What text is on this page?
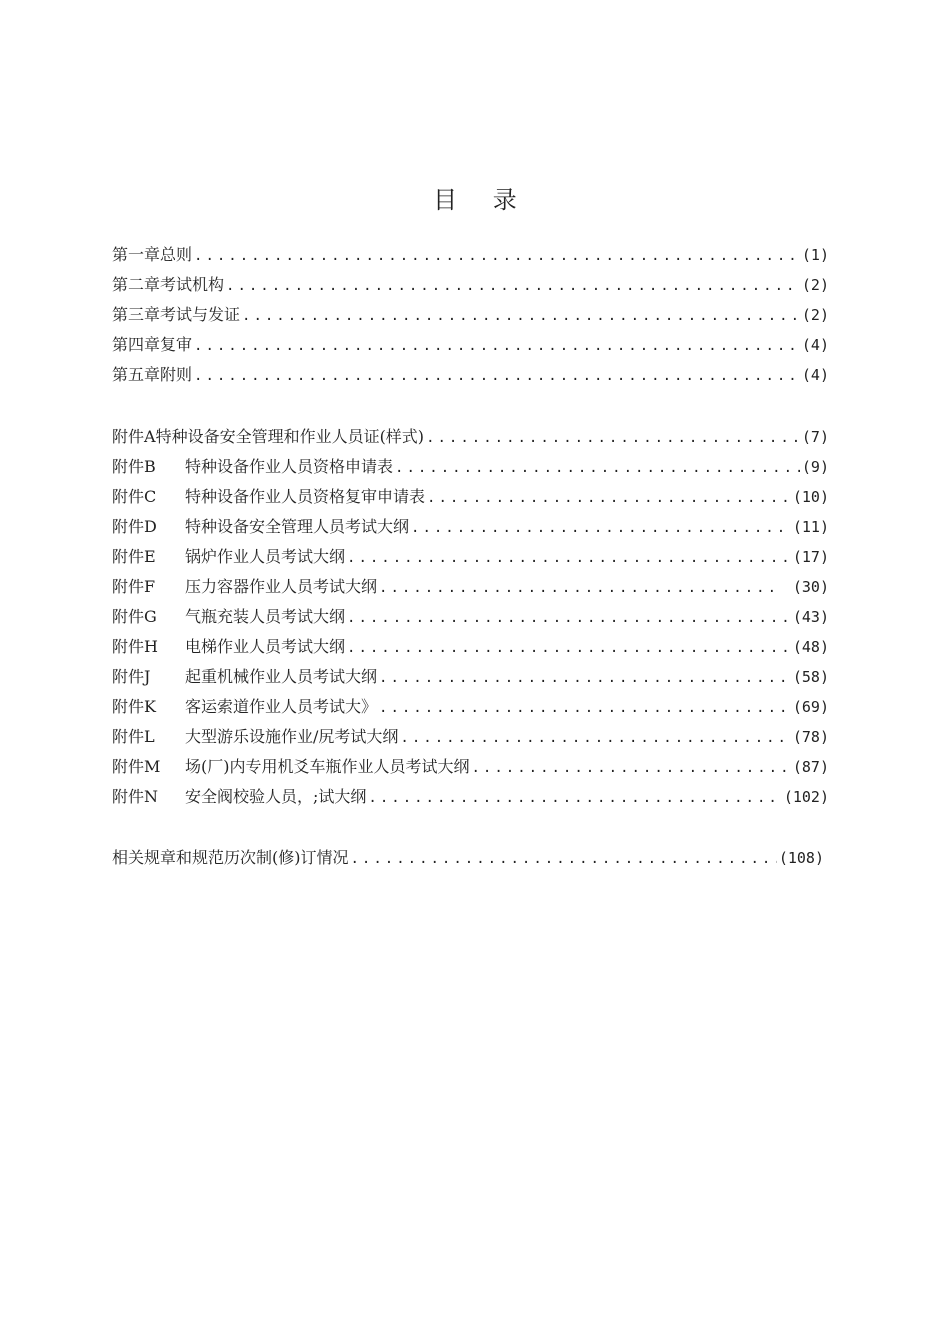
目 录
第一章总则 .....	(1)
第二章考试机构 .....	(2)
第三章考试与发证 .....	(2)
第四章复审 .....	(4)
第五章附则 .....	(4)
附件A特种设备安全管理和作业人员证(样式) .....	(7)
附件B 特种设备作业人员资格申请表 .....	(9)
附件C 特种设备作业人员资格复审申请表 .....	(10)
附件D 特种设备安全管理人员考试大纲 .....	(11)
附件E 锅炉作业人员考试大纲 .....	(17)
附件F 压力容器作业人员考试大纲 .....	(30)
附件G 气瓶充装人员考试大纲 .....	(43)
附件H 电梯作业人员考试大纲 .....	(48)
附件J 起重机械作业人员考试大纲 .....	(58)
附件K 客运索道作业人员考试大》 .....	(69)
附件L 大型游乐设施作业/尻考试大纲 .....	(78)
附件M 场(厂)内专用机爻车瓶作业人员考试大纲 .....	(87)
附件N 安全阀校验人员，;试大纲 .....	(102)
相关规章和规范历次制(修)订情况 .....	(108)
